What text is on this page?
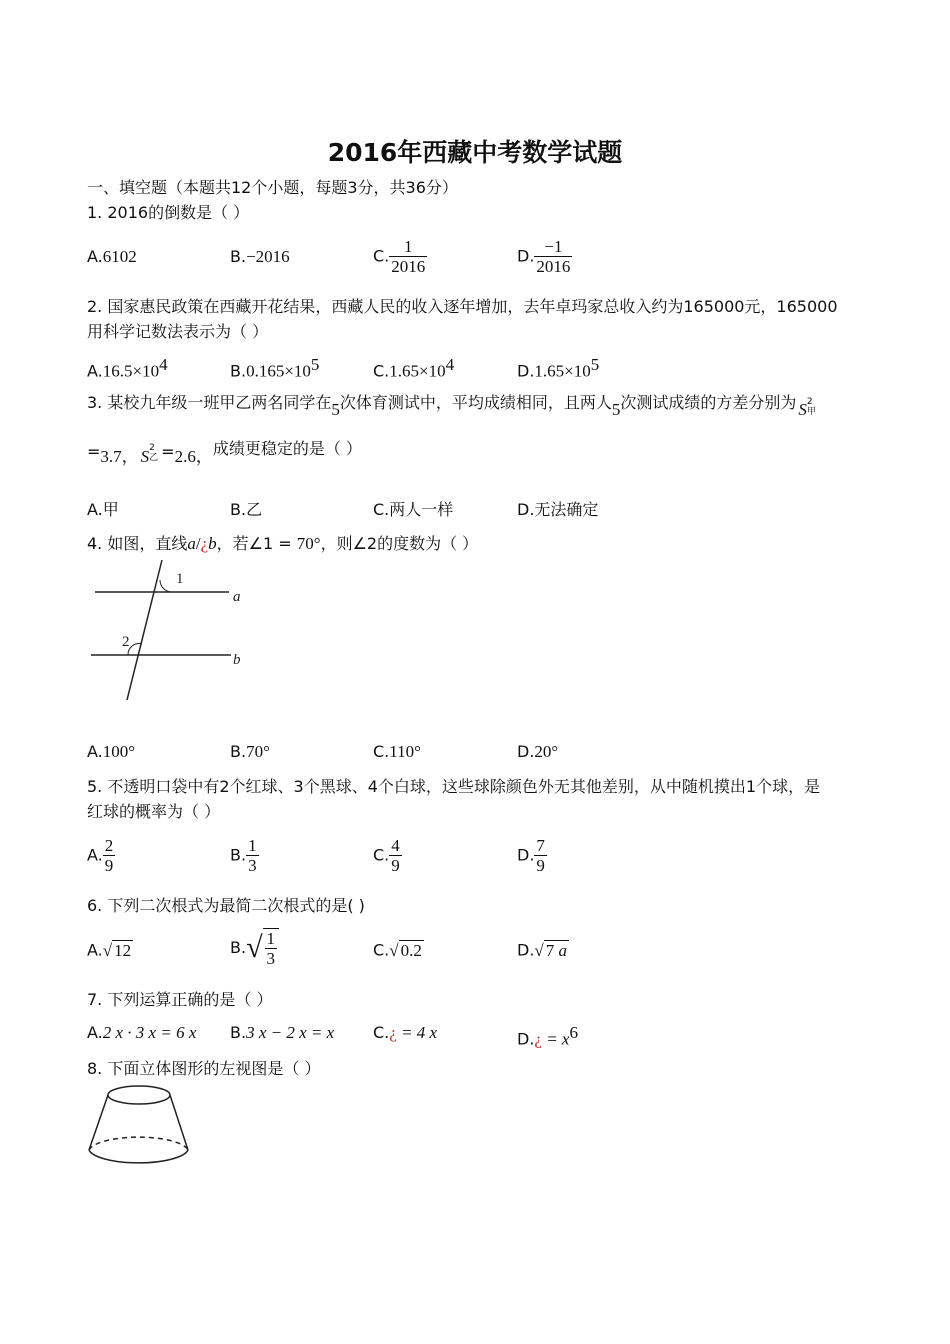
2016年西藏中考数学试题
一、填空题（本题共12个小题，每题3分，共36分）
1. 2016的倒数是（ ）
A.6102	B.−2016	C. $\frac{1}{2016}$	D. $\frac{-1}{2016}$
2. 国家惠民政策在西藏开花结果，西藏人民的收入逐年增加，去年卓玛家总收入约为165000元，165000
用科学记数法表示为（ ）
$A.16.5\times 10^4$	$B.0.165\times 10^5$	$C.1.65\times 10^4$	$D.1.65\times 10^5$
3. 某校九年级一班甲乙两名同学在5次体育测试中，平均成绩相同，且两人5次测试成绩的方差分别为 S 2
甲
=3.7， S 2
乙 =2.6，成绩更稳定的是（ ）
A.甲	B.乙	C.两人一样	D.无法确定
4. 如图，直线a/¿b，若∠1 = 70°，则∠2的度数为（ ）
1
2
a
b
A.100°	B.70°	C.110°	D.20°
5. 不透明口袋中有2个红球、3个黑球、4个白球，这些球除颜色外无其他差别，从中随机摸出1个球，是
红球的概率为（ ）
A. $\frac{2}{9}$	B. $\frac{1}{3}$	C. $\frac{4}{9}$	D. $\frac{7}{9}$
6. 下列二次根式为最简二次根式的是( )
A.√ 12	$B.√ \frac{1}{3}$	C.√ 0.2	D.√ 7 a
7. 下列运算正确的是（ ）
A.2 x · 3 x = 6 x B.3 x − 2 x = x C.¿ = 4 x	D.¿ = $x^6$
8. 下面立体图形的左视图是（ ）
